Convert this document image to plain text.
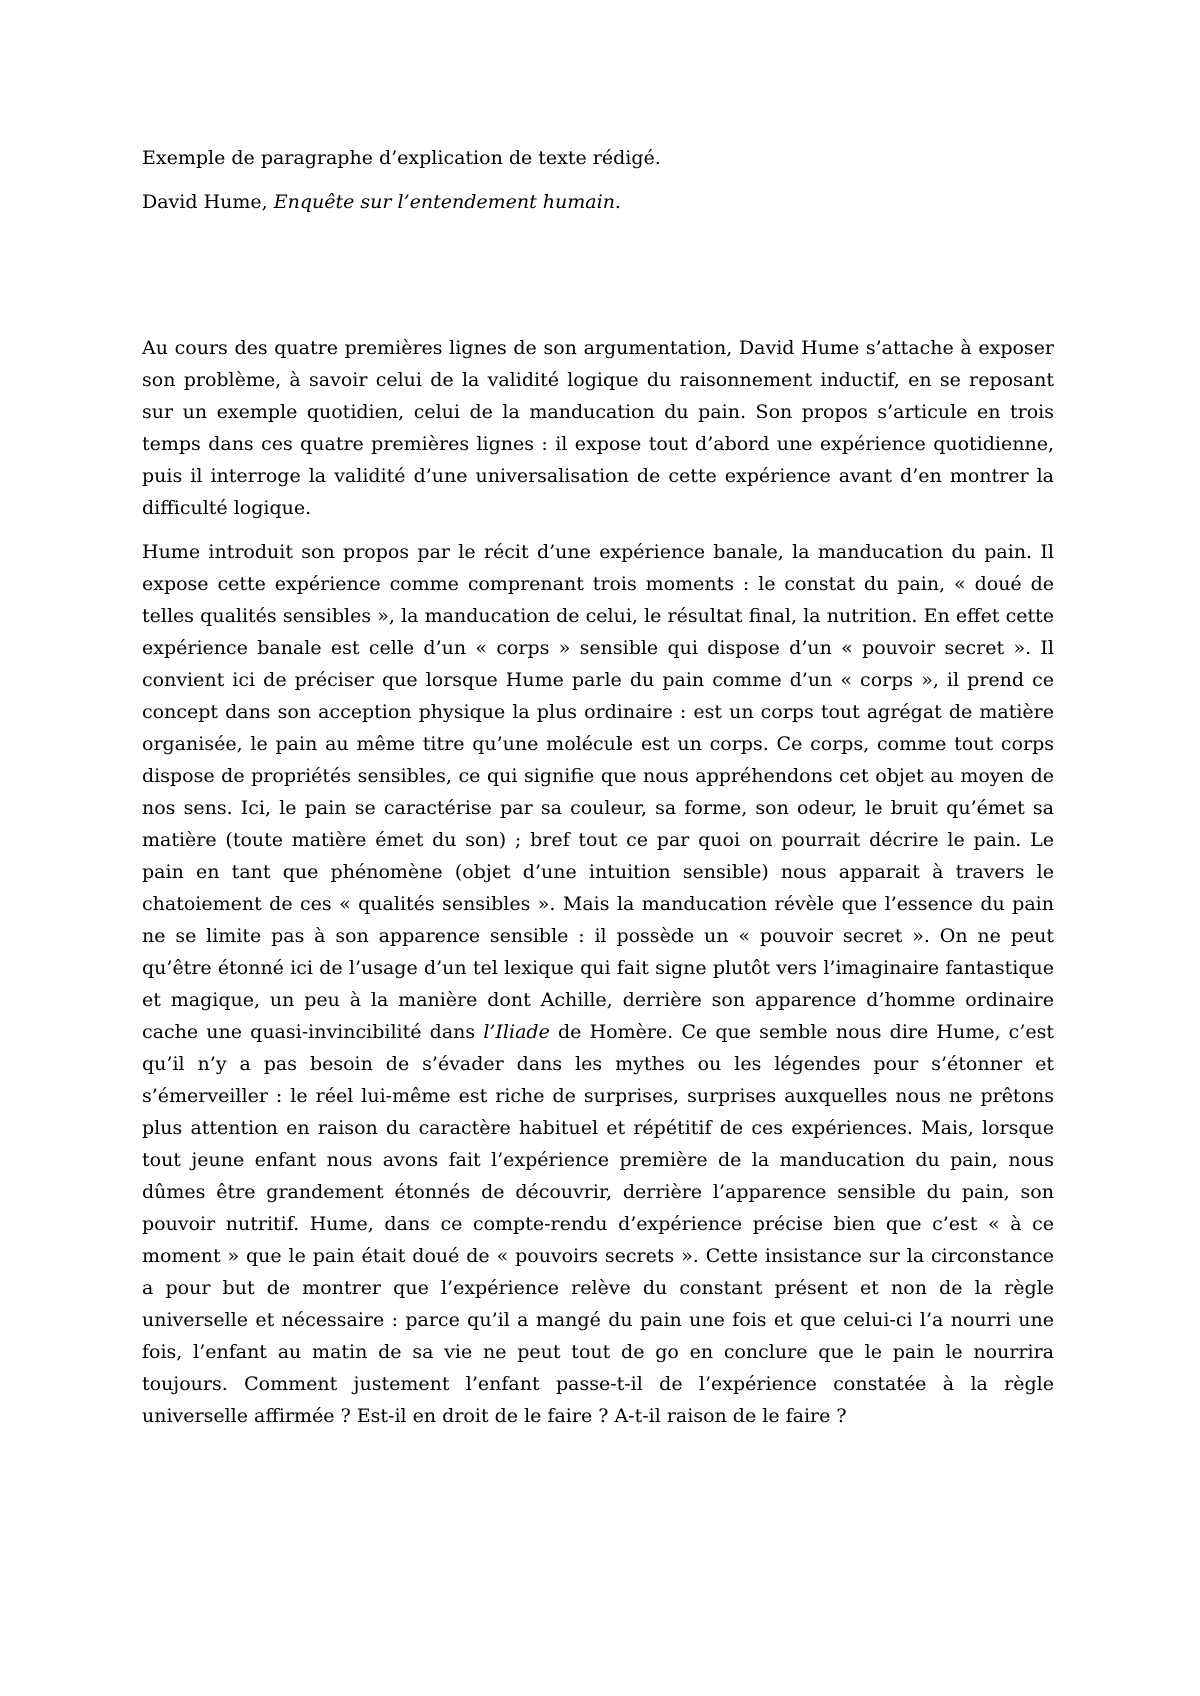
Exemple de paragraphe d’explication de texte rédigé.

David Hume, Enquête sur l’entendement humain.

Au cours des quatre premières lignes de son argumentation, David Hume s’attache à exposer son problème, à savoir celui de la validité logique du raisonnement inductif, en se reposant sur un exemple quotidien, celui de la manducation du pain. Son propos s’articule en trois temps dans ces quatre premières lignes : il expose tout d’abord une expérience quotidienne, puis il interroge la validité d’une universalisation de cette expérience avant d’en montrer la difficulté logique.

Hume introduit son propos par le récit d’une expérience banale, la manducation du pain. Il expose cette expérience comme comprenant trois moments : le constat du pain, « doué de telles qualités sensibles », la manducation de celui, le résultat final, la nutrition. En effet cette expérience banale est celle d’un « corps » sensible qui dispose d’un « pouvoir secret ». Il convient ici de préciser que lorsque Hume parle du pain comme d’un « corps », il prend ce concept dans son acception physique la plus ordinaire : est un corps tout agrégat de matière organisée, le pain au même titre qu’une molécule est un corps. Ce corps, comme tout corps dispose de propriétés sensibles, ce qui signifie que nous appréhendons cet objet au moyen de nos sens. Ici, le pain se caractérise par sa couleur, sa forme, son odeur, le bruit qu’émet sa matière (toute matière émet du son) ; bref tout ce par quoi on pourrait décrire le pain. Le pain en tant que phénomène (objet d’une intuition sensible) nous apparait à travers le chatoiement de ces « qualités sensibles ». Mais la manducation révèle que l’essence du pain ne se limite pas à son apparence sensible : il possède un « pouvoir secret ». On ne peut qu’être étonné ici de l’usage d’un tel lexique qui fait signe plutôt vers l’imaginaire fantastique et magique, un peu à la manière dont Achille, derrière son apparence d’homme ordinaire cache une quasi-invincibilité dans l’Iliade de Homère. Ce que semble nous dire Hume, c’est qu’il n’y a pas besoin de s’évader dans les mythes ou les légendes pour s’étonner et s’émerveiller : le réel lui-même est riche de surprises, surprises auxquelles nous ne prêtons plus attention en raison du caractère habituel et répétitif de ces expériences. Mais, lorsque tout jeune enfant nous avons fait l’expérience première de la manducation du pain, nous dûmes être grandement étonnés de découvrir, derrière l’apparence sensible du pain, son pouvoir nutritif. Hume, dans ce compte-rendu d’expérience précise bien que c’est « à ce moment » que le pain était doué de « pouvoirs secrets ». Cette insistance sur la circonstance a pour but de montrer que l’expérience relève du constant présent et non de la règle universelle et nécessaire : parce qu’il a mangé du pain une fois et que celui-ci l’a nourri une fois, l’enfant au matin de sa vie ne peut tout de go en conclure que le pain le nourrira toujours. Comment justement l’enfant passe-t-il de l’expérience constatée à la règle universelle affirmée ? Est-il en droit de le faire ? A-t-il raison de le faire ?
